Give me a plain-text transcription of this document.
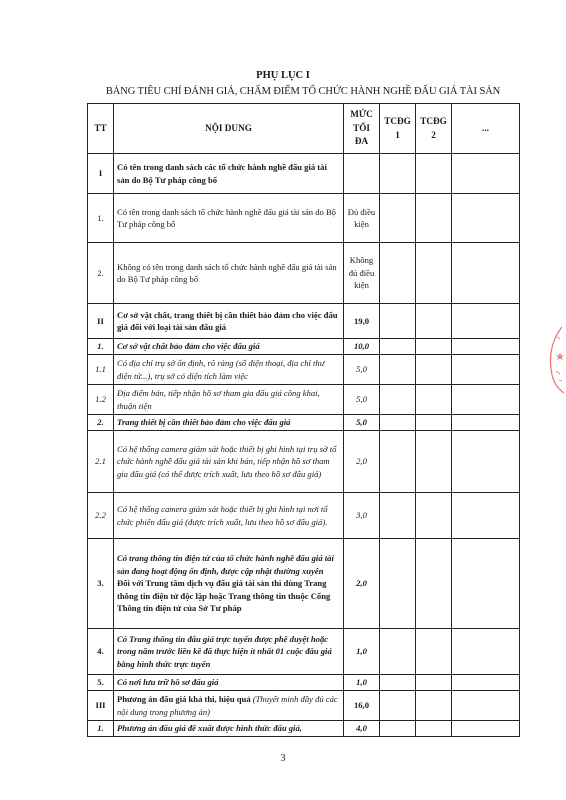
PHỤ LỤC I
BẢNG TIÊU CHÍ ĐÁNH GIÁ, CHẤM ĐIỂM TỔ CHỨC HÀNH NGHỀ ĐẤU GIÁ TÀI SẢN
TT	NỘI DUNG	MỨC TỐI ĐA	TCĐG 1	TCĐG 2	...
I	Có tên trong danh sách các tổ chức hành nghề đấu giá tài sản do Bộ Tư pháp công bố				
1.	Có tên trong danh sách tổ chức hành nghề đấu giá tài sản do Bộ Tư pháp công bố	Đủ điều kiện			
2.	Không có tên trong danh sách tổ chức hành nghề đấu giá tài sản do Bộ Tư pháp công bố	Không đủ điều kiện			
II	Cơ sở vật chất, trang thiết bị cần thiết bảo đảm cho việc đấu giá đối với loại tài sản đấu giá	19,0			
1.	Cơ sở vật chất bảo đảm cho việc đấu giá	10,0			
1.1	Có địa chỉ trụ sở ổn định, rõ ràng (số điện thoại, địa chỉ thư điện tử...), trụ sở có diện tích làm việc	5,0			
1.2	Địa điểm bán, tiếp nhận hồ sơ tham gia đấu giá công khai, thuận tiện	5,0			
2.	Trang thiết bị cần thiết bảo đảm cho việc đấu giá	5,0			
2.1	Có hệ thống camera giám sát hoặc thiết bị ghi hình tại trụ sở tổ chức hành nghề đấu giá tài sản khi bán, tiếp nhận hồ sơ tham gia đấu giá (có thể được trích xuất, lưu theo hồ sơ đấu giá)	2,0			
2.2	Có hệ thống camera giám sát hoặc thiết bị ghi hình tại nơi tổ chức phiên đấu giá (được trích xuất, lưu theo hồ sơ đấu giá).	3,0			
3.	Có trang thông tin điện tử của tổ chức hành nghề đấu giá tài sản đang hoạt động ổn định, được cập nhật thường xuyên
Đối với Trung tâm dịch vụ đấu giá tài sản thì dùng Trang thông tin điện tử độc lập hoặc Trang thông tin thuộc Cổng Thông tin điện tử của Sở Tư pháp	2,0			
4.	Có Trang thông tin đấu giá trực tuyến được phê duyệt hoặc trong năm trước liền kề đã thực hiện ít nhất 01 cuộc đấu giá bằng hình thức trực tuyến	1,0			
5.	Có nơi lưu trữ hồ sơ đấu giá	1,0			
III	Phương án đấu giá khả thi, hiệu quả (Thuyết minh đầy đủ các nội dung trong phương án)	16,0			
1.	Phương án đấu giá đề xuất được hình thức đấu giá,	4,0			
3
